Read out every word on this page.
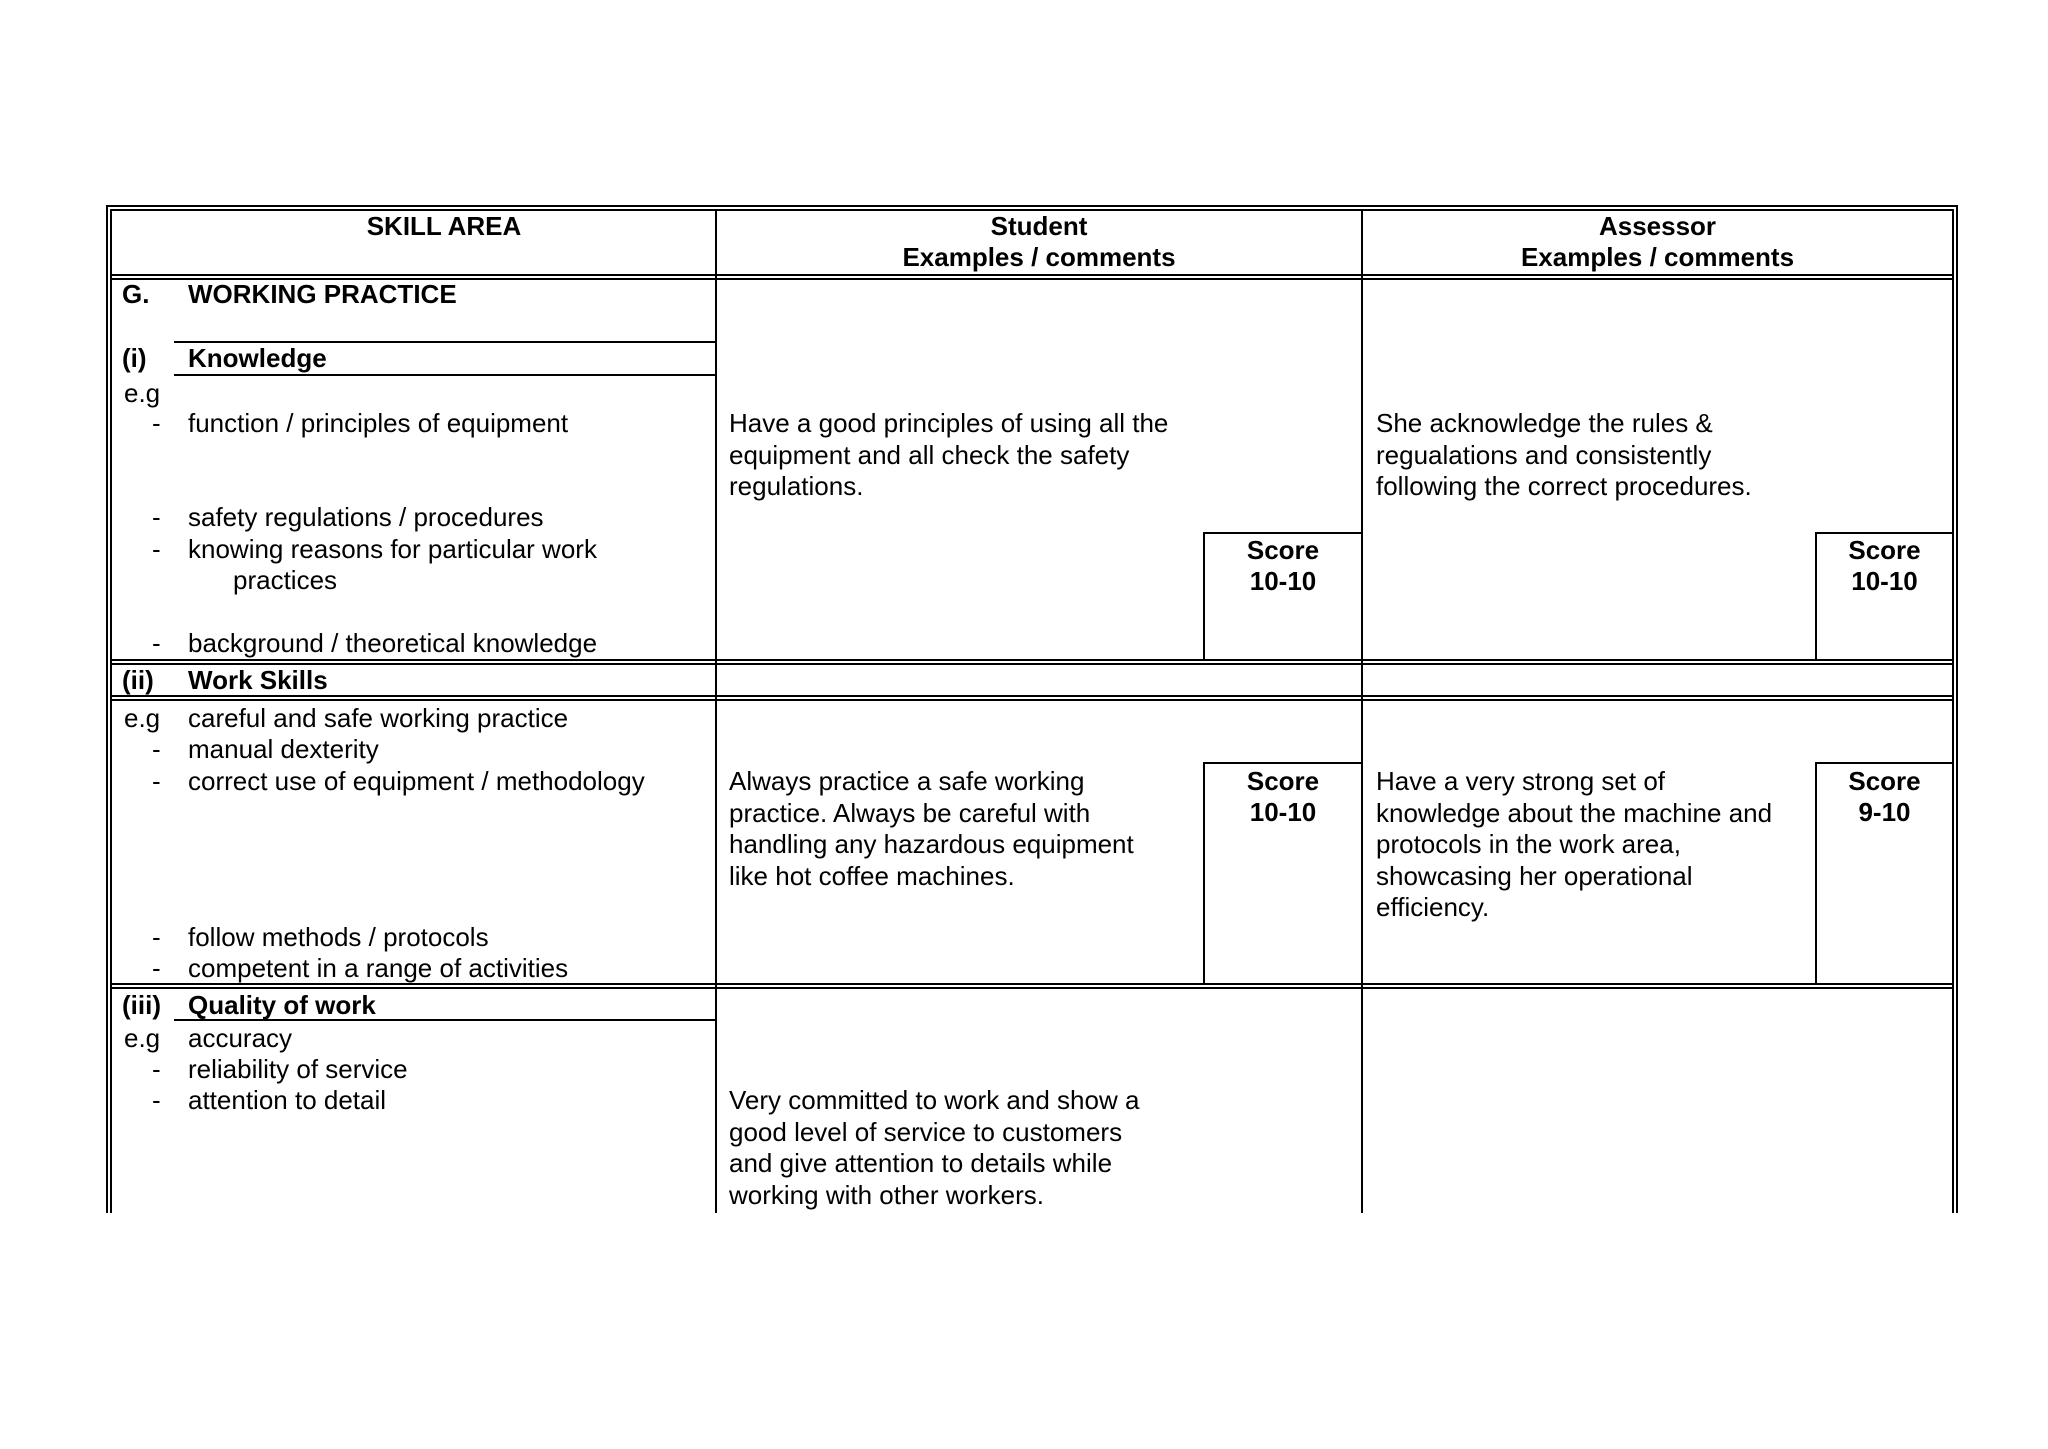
SKILL AREA	Student
Examples / comments
Assessor
Examples / comments
G. WORKING PRACTICE
(i) Knowledge
e.g
- function / principles of equipment
- safety regulations / procedures
- knowing reasons for particular work
practices
- background / theoretical knowledge
Have a good principles of using all the
equipment and all check the safety
regulations.
She acknowledge the rules &
regualations and consistently
following the correct procedures.
Score
10-10
Score
10-10
(ii) Work Skills
e.g careful and safe working practice
- manual dexterity
- correct use of equipment / methodology
- follow methods / protocols
- competent in a range of activities
Always practice a safe working
practice. Always be careful with
handling any hazardous equipment
like hot coffee machines.
Have a very strong set of
knowledge about the machine and
protocols in the work area,
showcasing her operational
efficiency.
Score
10-10
Score
9-10
(iii) Quality of work
e.g accuracy
- reliability of service
- attention to detail	Very committed to work and show a
good level of service to customers
and give attention to details while
working with other workers.
